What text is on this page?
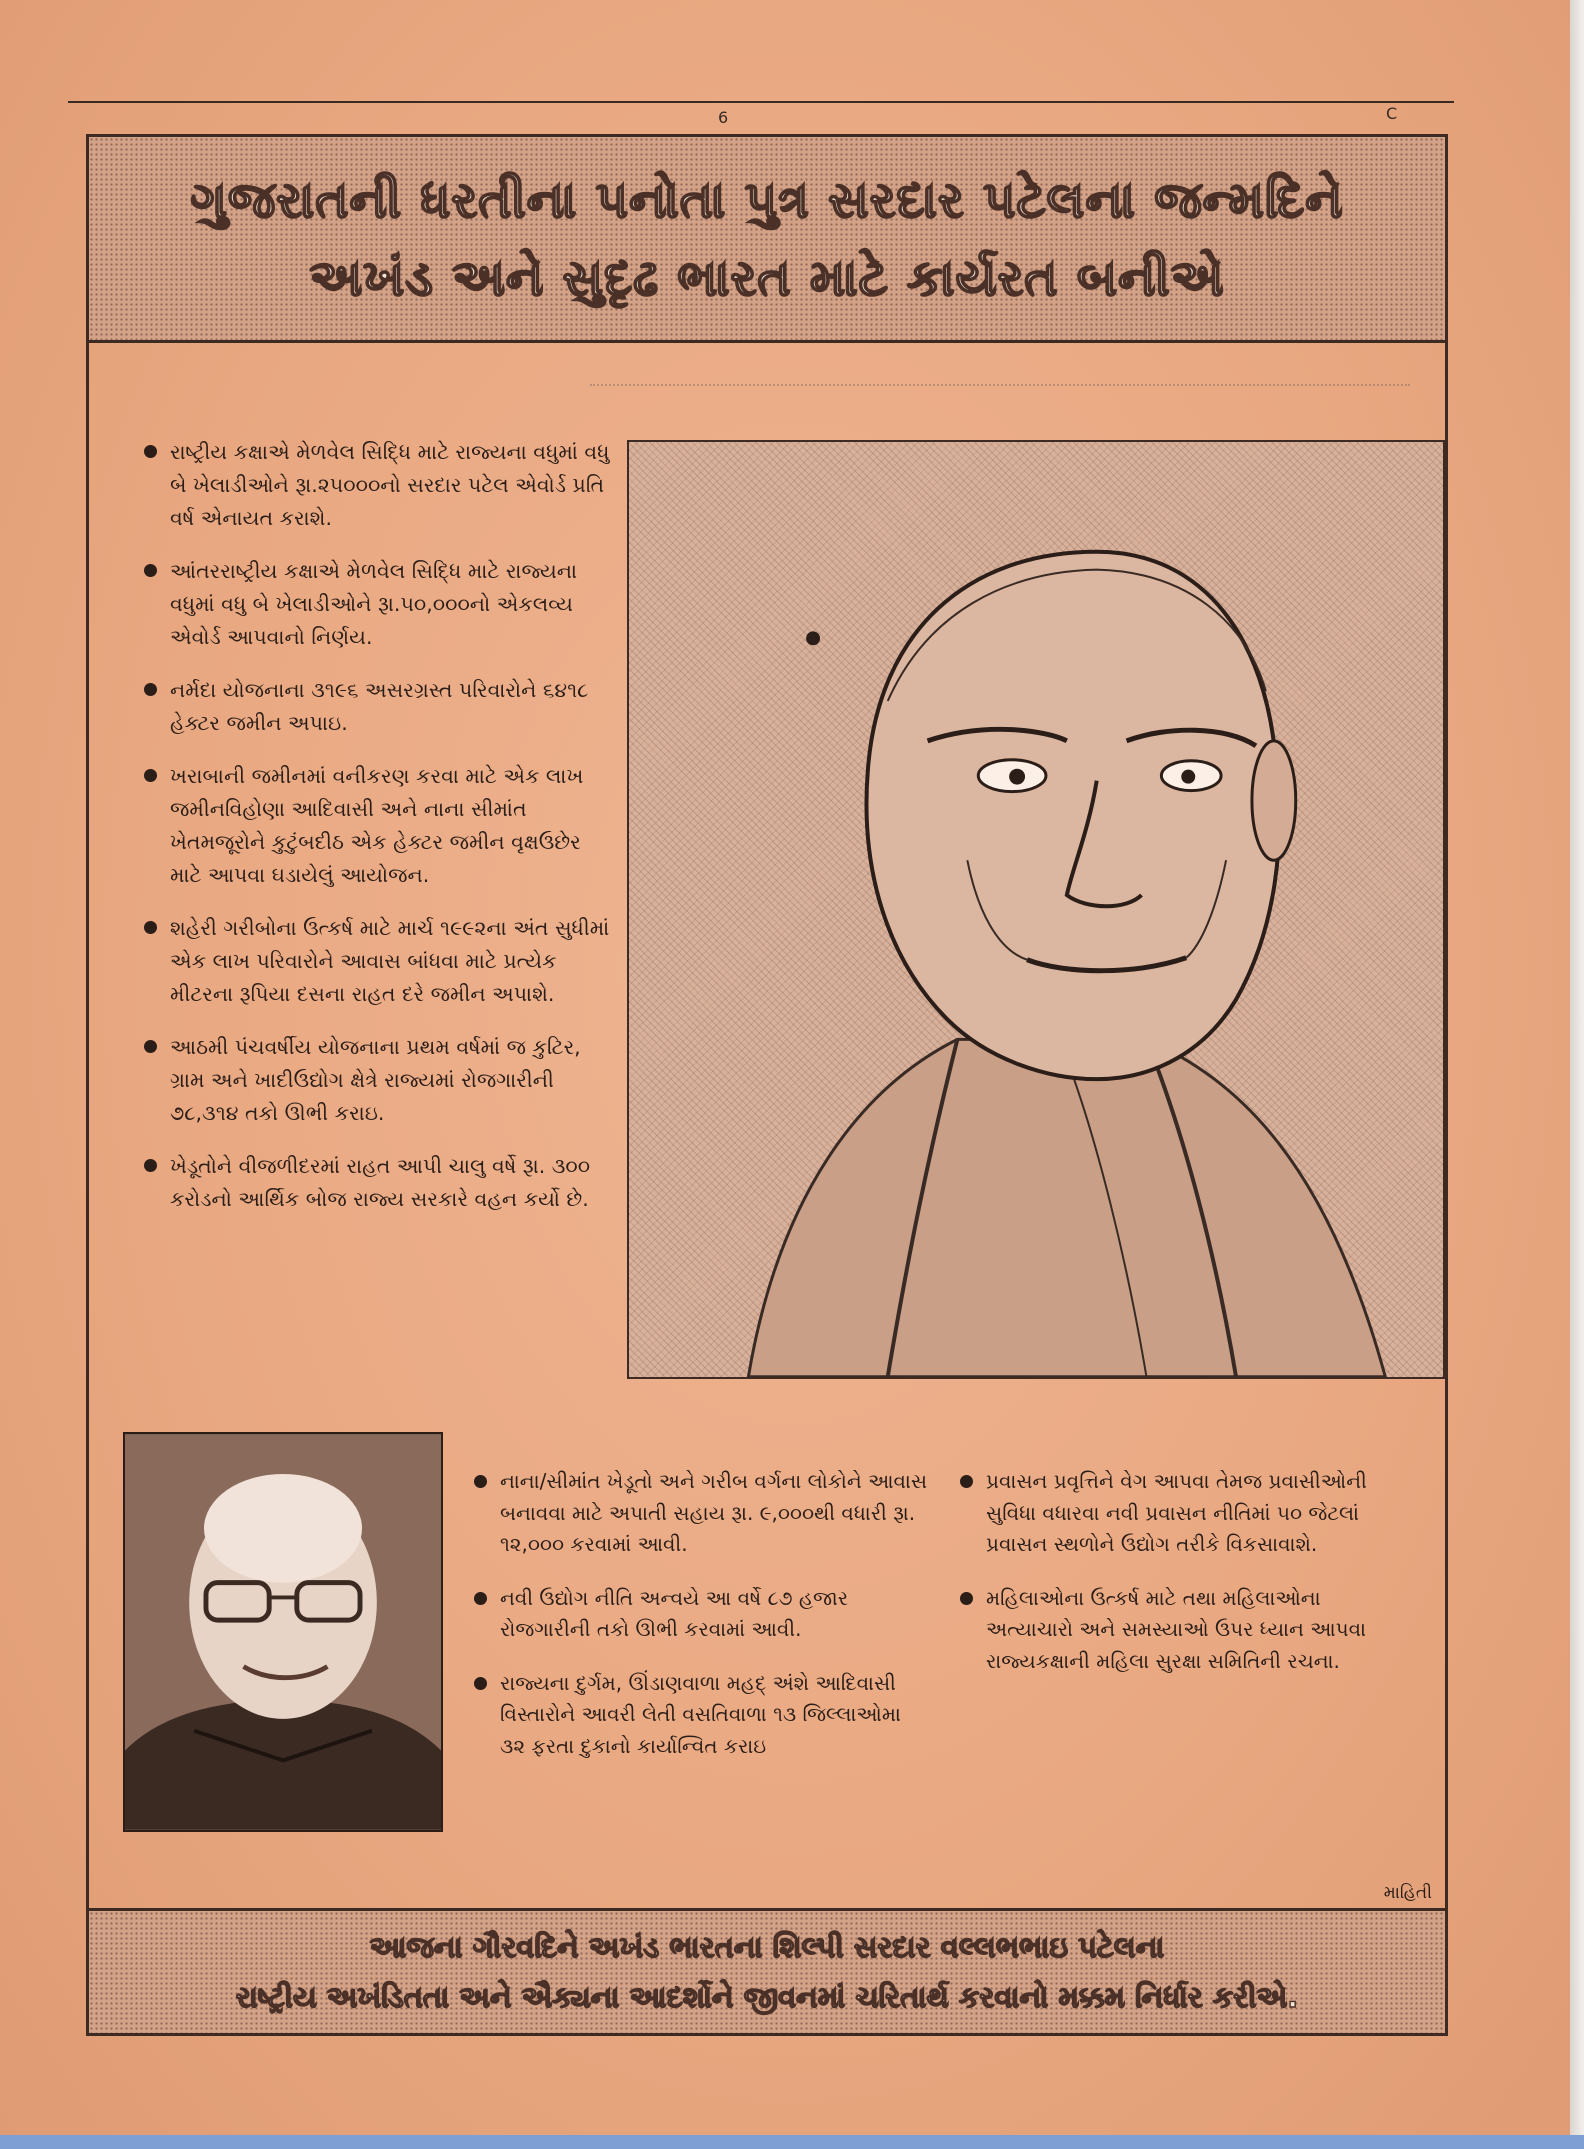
6	C
ગુજરાતની ધરતીના પનોતા પુત્ર સરદાર પટેલના જન્મદિને
અખંડ અને સુદૃઢ ભારત માટે કાર્યરત બનીએ
રાષ્ટ્રીય કક્ષાએ મેળવેલ સિદ્ધિ માટે રાજ્યના વધુમાં વધુ બે ખેલાડીઓને રૂા.૨૫૦૦૦નો સરદાર પટેલ એવોર્ડ પ્રતિ વર્ષ એનાયત કરાશે.
આંતરરાષ્ટ્રીય કક્ષાએ મેળવેલ સિદ્ધિ માટે રાજ્યના વધુમાં વધુ બે ખેલાડીઓને રૂા.૫૦,૦૦૦નો એકલવ્ય એવોર્ડ આપવાનો નિર્ણય.
નર્મદા યોજનાના ૩૧૯૬ અસરગ્રસ્ત પરિવારોને ૬૪૧૮ હેક્ટર જમીન અપાઇ.
ખરાબાની જમીનમાં વનીકરણ કરવા માટે એક લાખ જમીનવિહોણા આદિવાસી અને નાના સીમાંત ખેતમજૂરોને કુટુંબદીઠ એક હેક્ટર જમીન વૃક્ષઉછેર માટે આપવા ઘડાયેલું આયોજન.
શહેરી ગરીબોના ઉત્કર્ષ માટે માર્ચ ૧૯૯૨ના અંત સુધીમાં એક લાખ પરિવારોને આવાસ બાંધવા માટે પ્રત્યેક મીટરના રૂપિયા દસના રાહત દરે જમીન અપાશે.
આઠમી પંચવર્ષીય યોજનાના પ્રથમ વર્ષમાં જ કુટિર, ગ્રામ અને ખાદીઉદ્યોગ ક્ષેત્રે રાજ્યમાં રોજગારીની ૭૮,૩૧૪ તકો ઊભી કરાઇ.
ખેડૂતોને વીજળીદરમાં રાહત આપી ચાલુ વર્ષે રૂા. ૩૦૦ કરોડનો આર્થિક બોજ રાજ્ય સરકારે વહન કર્યો છે.
નાના/સીમાંત ખેડૂતો અને ગરીબ વર્ગના લોકોને આવાસ બનાવવા માટે અપાતી સહાય રૂા. ૯,૦૦૦થી વધારી રૂા. ૧૨,૦૦૦ કરવામાં આવી.
નવી ઉદ્યોગ નીતિ અન્વયે આ વર્ષે ૮૭ હજાર રોજગારીની તકો ઊભી કરવામાં આવી.
રાજ્યના દુર્ગમ, ઊંડાણવાળા મહદ્ અંશે આદિવાસી વિસ્તારોને આવરી લેતી વસતિવાળા ૧૩ જિલ્લાઓમા ૩૨ ફરતા દુકાનો કાર્યાન્વિત કરાઇ
પ્રવાસન પ્રવૃત્તિને વેગ આપવા તેમજ પ્રવાસીઓની સુવિધા વધારવા નવી પ્રવાસન નીતિમાં ૫૦ જેટલાં પ્રવાસન સ્થળોને ઉદ્યોગ તરીકે વિકસાવાશે.
મહિલાઓના ઉત્કર્ષ માટે તથા મહિલાઓના અત્યાચારો અને સમસ્યાઓ ઉપર ધ્યાન આપવા રાજ્યકક્ષાની મહિલા સુરક્ષા સમિતિની રચના.
માહિતી
આજના ગૌરવદિને અખંડ ભારતના શિલ્પી સરદાર વલ્લભભાઇ પટેલના
રાષ્ટ્રીય અખંડિતતા અને ઐક્યના આદર્શોને જીવનમાં ચરિતાર્થ કરવાનો મક્કમ નિર્ધાર કરીએ.
